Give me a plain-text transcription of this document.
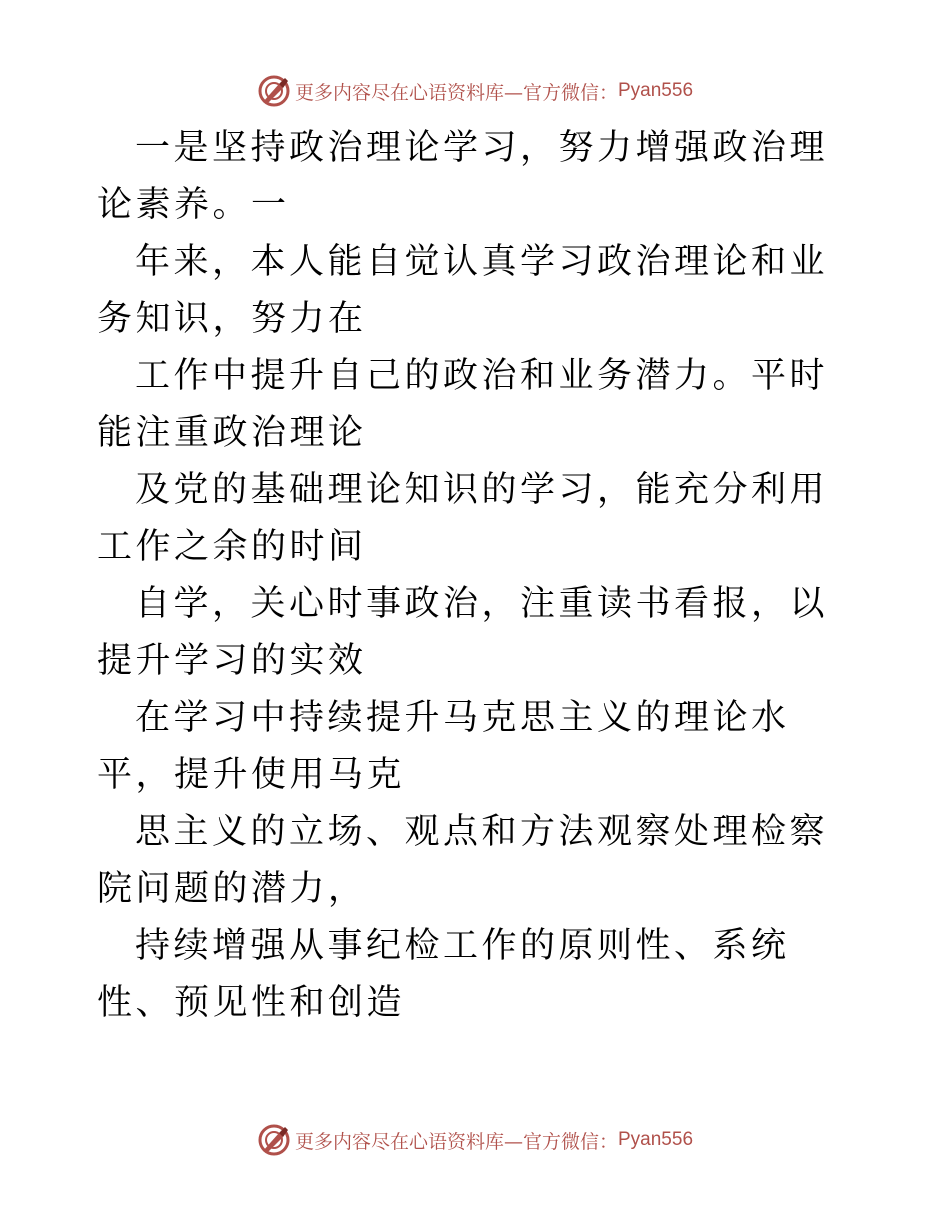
更多内容尽在心语资料库—官方微信： Pyan556

一是坚持政治理论学习，努力增强政治理论素养。一

年来，本人能自觉认真学习政治理论和业务知识，努力在

工作中提升自己的政治和业务潜力。平时能注重政治理论

及党的基础理论知识的学习，能充分利用工作之余的时间

自学，关心时事政治，注重读书看报，以提升学习的实效

在学习中持续提升马克思主义的理论水平，提升使用马克

思主义的立场、观点和方法观察处理检察院问题的潜力，

持续增强从事纪检工作的原则性、系统性、预见性和创造

更多内容尽在心语资料库—官方微信： Pyan556
